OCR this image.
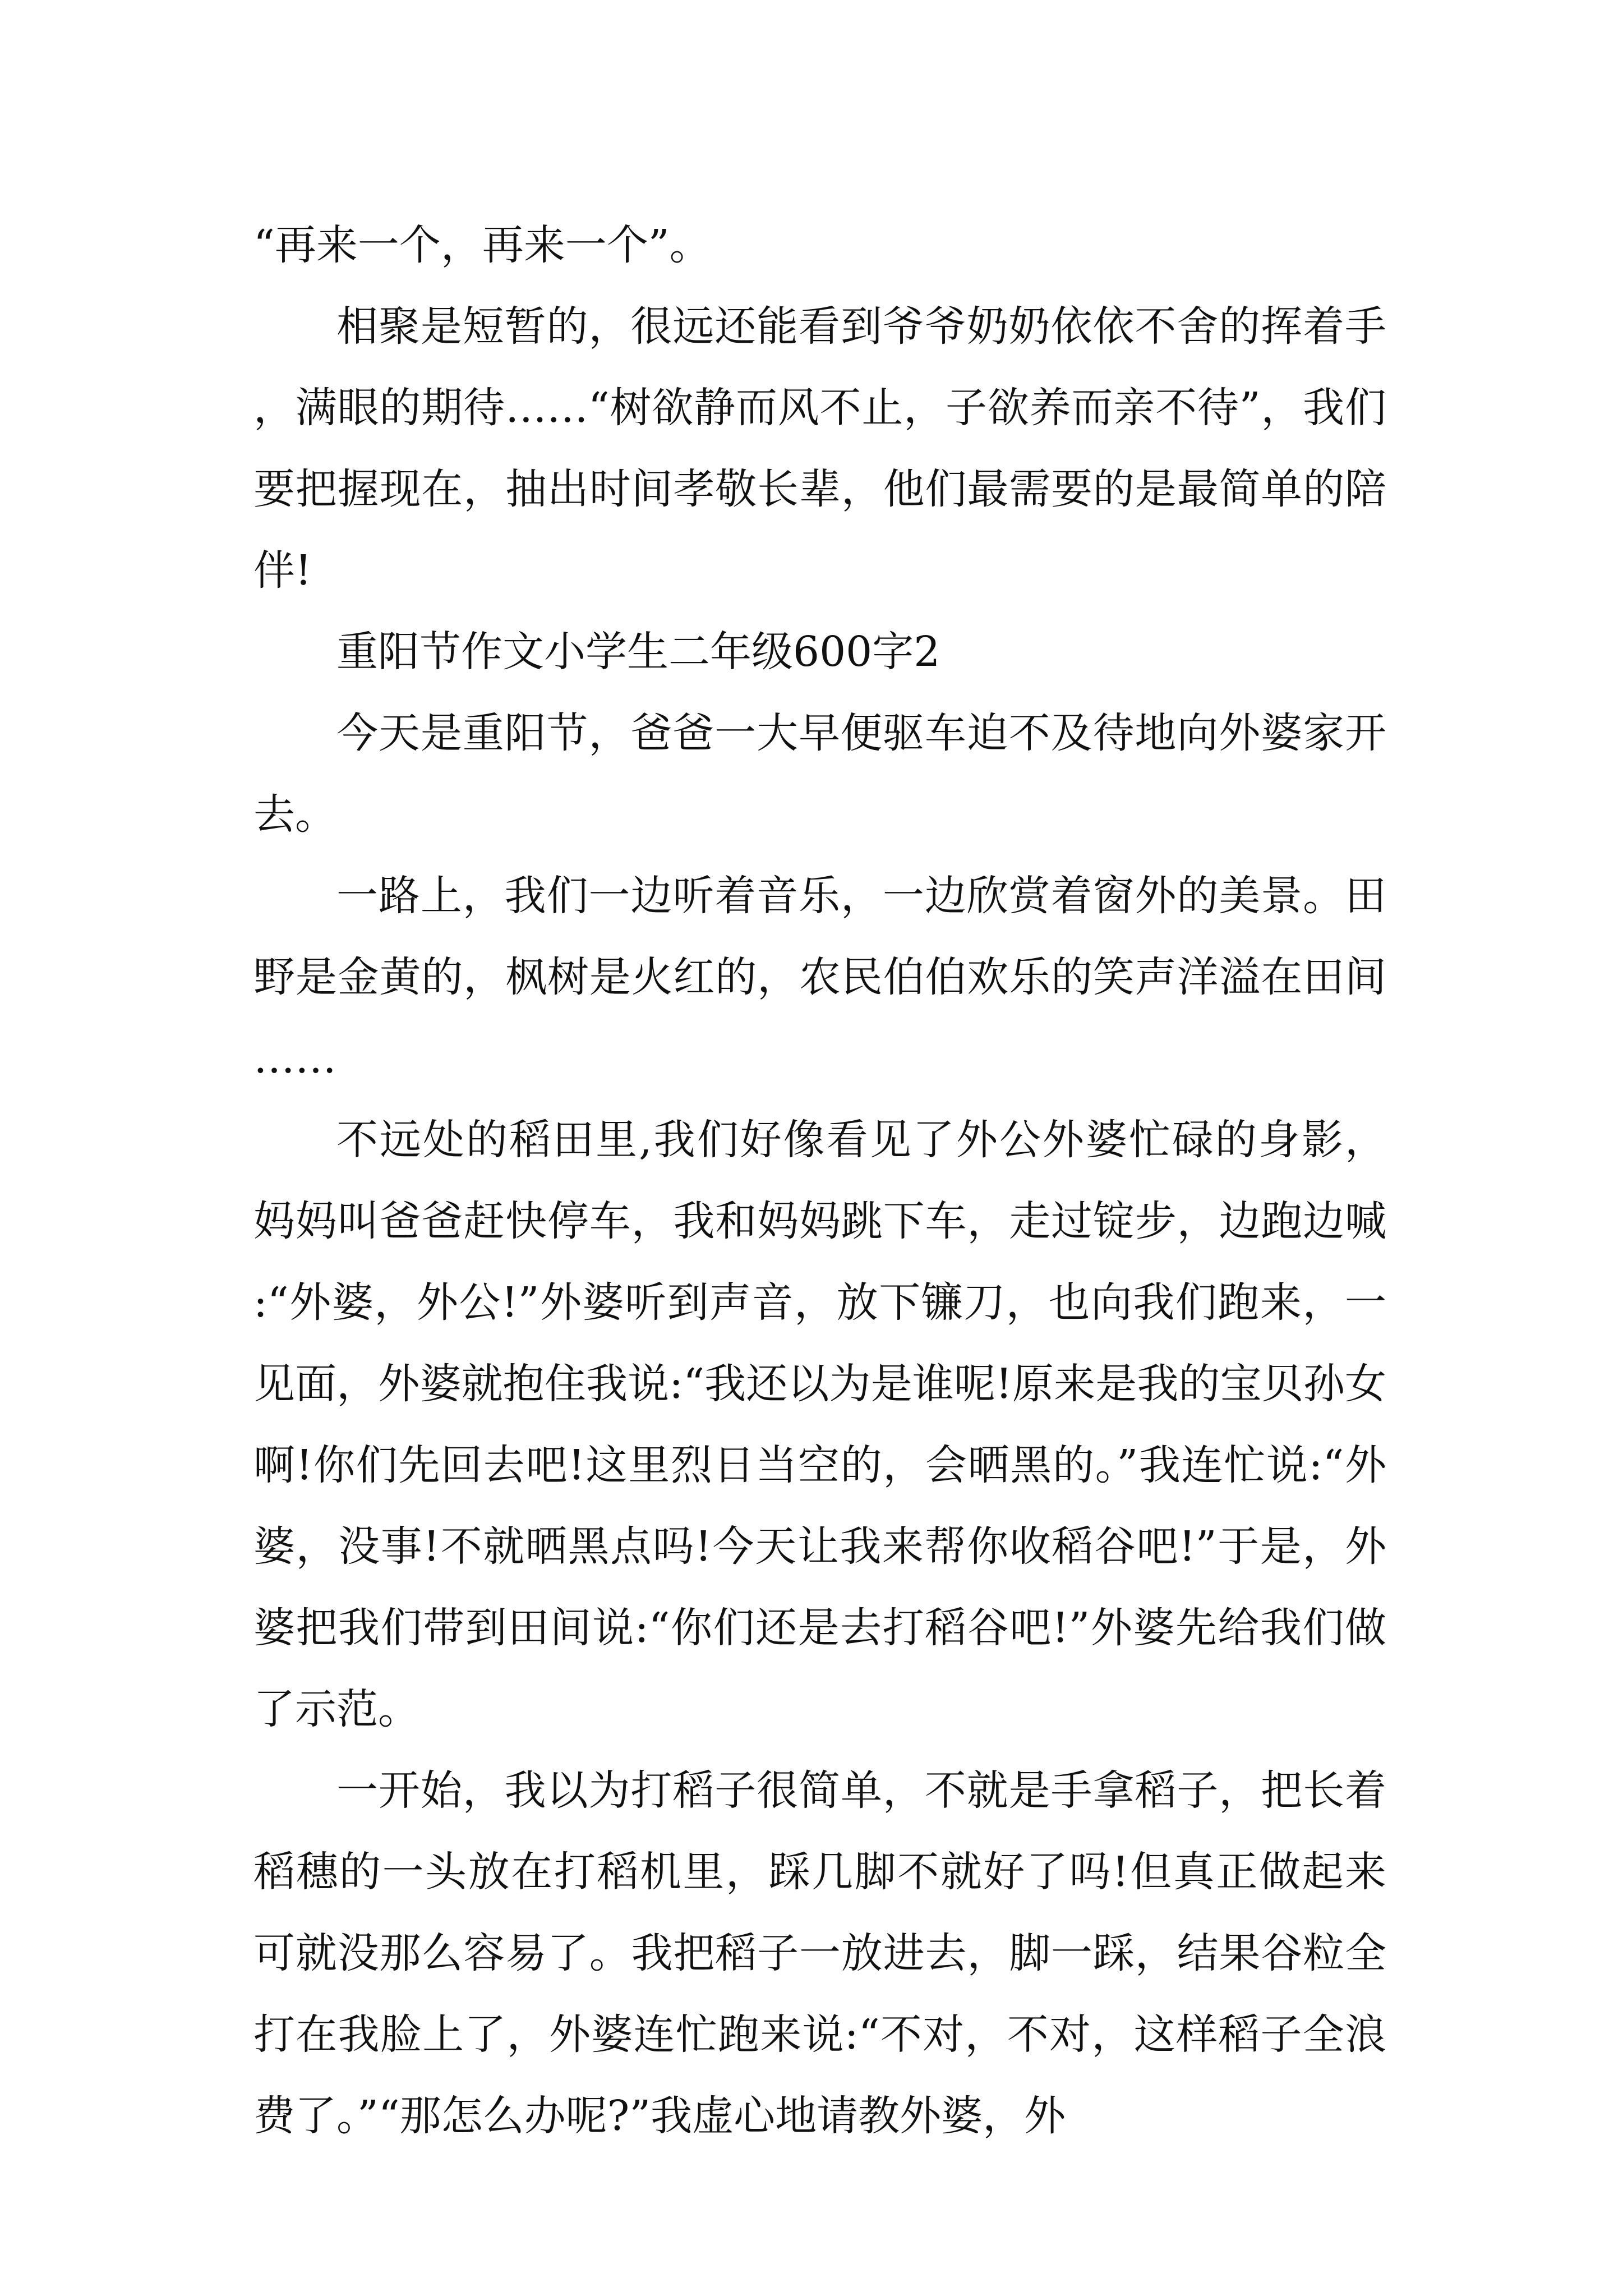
“再来一个，再来一个”。

相聚是短暂的，很远还能看到爷爷奶奶依依不舍的挥着手，满眼的期待……“树欲静而风不止，子欲养而亲不待”，我们要把握现在，抽出时间孝敬长辈，他们最需要的是最简单的陪伴!

重阳节作文小学生二年级600字2

今天是重阳节，爸爸一大早便驱车迫不及待地向外婆家开去。

一路上，我们一边听着音乐，一边欣赏着窗外的美景。田野是金黄的，枫树是火红的，农民伯伯欢乐的笑声洋溢在田间……

不远处的稻田里,我们好像看见了外公外婆忙碌的身影，妈妈叫爸爸赶快停车，我和妈妈跳下车，走过锭步，边跑边喊:“外婆，外公!”外婆听到声音，放下镰刀，也向我们跑来，一见面，外婆就抱住我说:“我还以为是谁呢!原来是我的宝贝孙女啊!你们先回去吧!这里烈日当空的，会晒黑的。”我连忙说:“外婆，没事!不就晒黑点吗!今天让我来帮你收稻谷吧!”于是，外婆把我们带到田间说:“你们还是去打稻谷吧!”外婆先给我们做了示范。

一开始，我以为打稻子很简单，不就是手拿稻子，把长着稻穗的一头放在打稻机里，踩几脚不就好了吗!但真正做起来可就没那么容易了。我把稻子一放进去，脚一踩，结果谷粒全打在我脸上了，外婆连忙跑来说:“不对，不对，这样稻子全浪费了。”“那怎么办呢?”我虚心地请教外婆，外
